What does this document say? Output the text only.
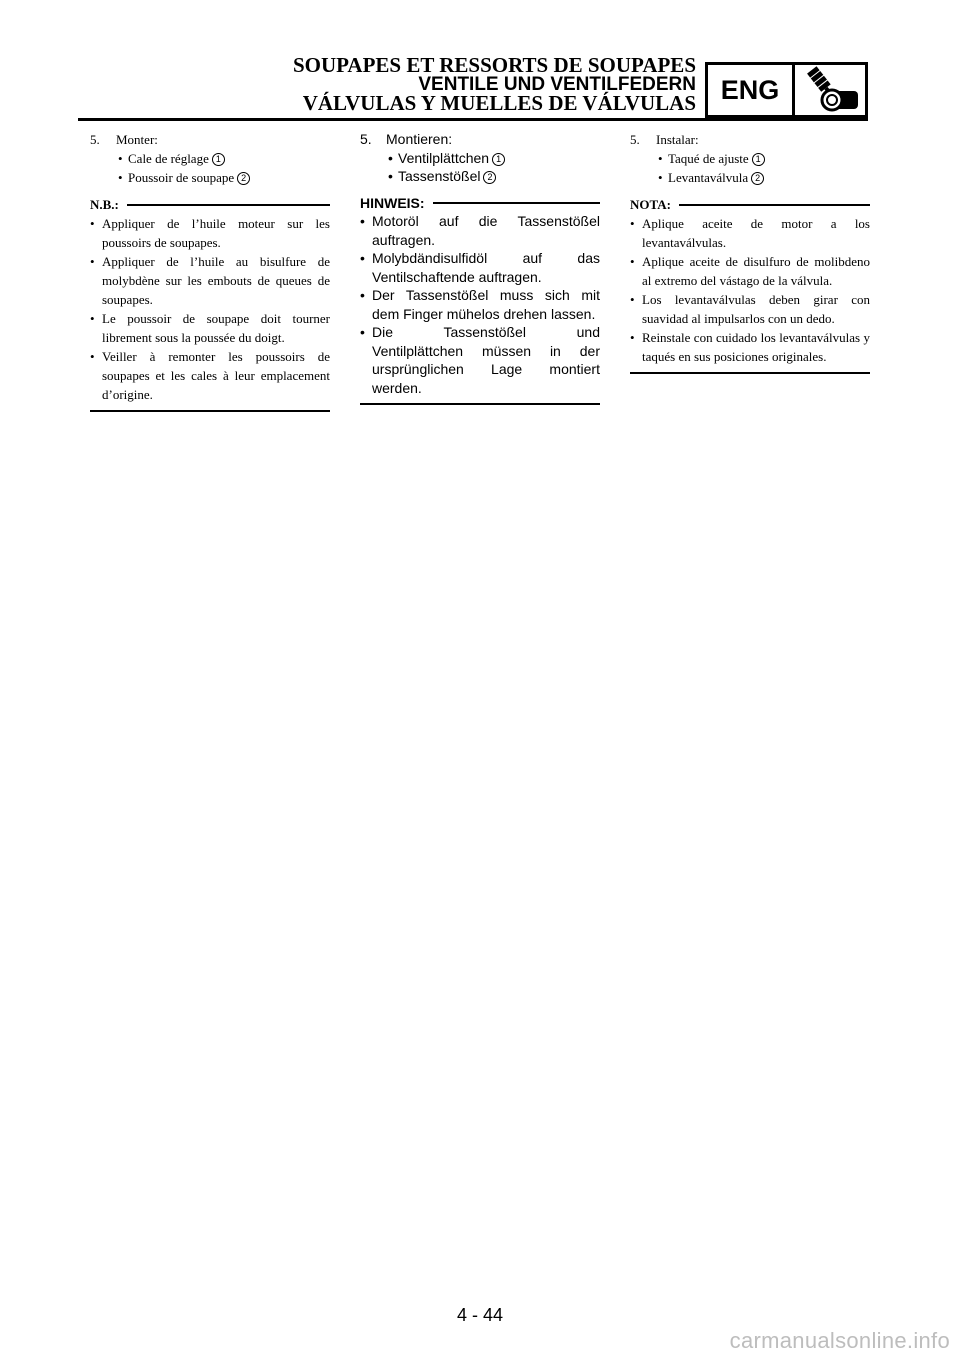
SOUPAPES ET RESSORTS DE SOUPAPES
VENTILE UND VENTILFEDERN
VÁLVULAS Y MUELLES DE VÁLVULAS ENG
5. Monter:
• Cale de réglage 1
• Poussoir de soupape 2
N.B.:
• Appliquer de l’huile moteur sur les poussoirs de soupapes.
• Appliquer de l’huile au bisulfure de molybdène sur les embouts de queues de soupapes.
• Le poussoir de soupape doit tourner librement sous la poussée du doigt.
• Veiller à remonter les poussoirs de soupapes et les cales à leur emplacement d’origine.
5. Montieren:
• Ventilplättchen 1
• Tassenstößel 2
HINWEIS:
• Motoröl auf die Tassenstößel auftragen.
• Molybdändisulfidöl auf das Ventilschaftende auftragen.
• Der Tassenstößel muss sich mit dem Finger mühelos drehen lassen.
• Die Tassenstößel und Ventilplättchen müssen in der ursprünglichen Lage montiert werden.
5. Instalar:
• Taqué de ajuste 1
• Levantaválvula 2
NOTA:
• Aplique aceite de motor a los levantaválvulas.
• Aplique aceite de disulfuro de molibdeno al extremo del vástago de la válvula.
• Los levantaválvulas deben girar con suavidad al impulsarlos con un dedo.
• Reinstale con cuidado los levantaválvulas y taqués en sus posiciones originales.
4 - 44
carmanualsonline.info
